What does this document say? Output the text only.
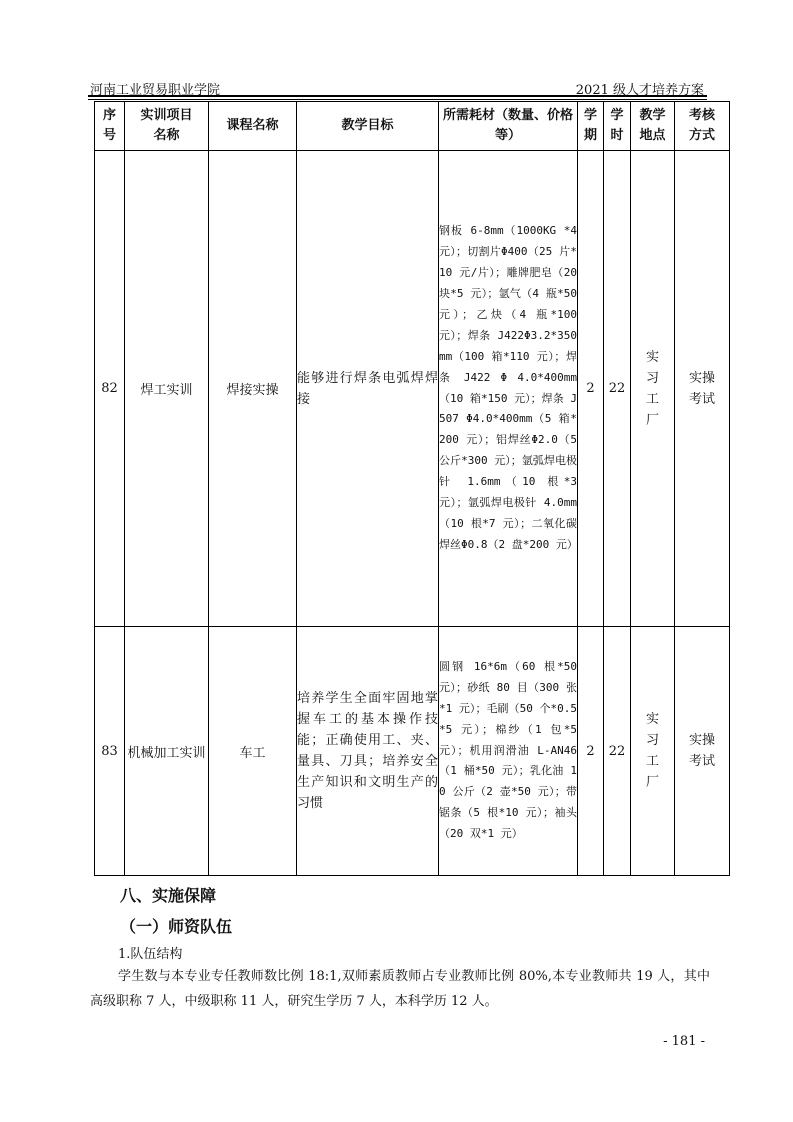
河南工业贸易职业学院	2021 级人才培养方案
序号	实训项目名称	课程名称	教学目标	所需耗材（数量、价格等）	学期	学时	教学地点	考核方式
82	焊工实训	焊接实操	能够进行焊条电弧焊焊接	钢板 6-8mm（1000KG *4 元）；切割片Φ400（25 片*10 元/片）；雕牌肥皂（20 块*5 元）；氩气（4 瓶*50 元）；乙炔（4 瓶*100 元）；焊条 J422Φ3.2*350mm（100 箱*110 元）；焊条 J422 Φ 4.0*400mm（10 箱*150 元）；焊条 J507 Φ4.0*400mm（5 箱*200 元）；铝焊丝Φ2.0（5 公斤*300 元）；氩弧焊电极针 1.6mm（10 根*3 元）；氩弧焊电极针 4.0mm（10 根*7 元）；二氧化碳焊丝Φ0.8（2 盘*200 元）	2	22	实习工厂	实操考试
83	机械加工实训	车工	培养学生全面牢固地掌握车工的基本操作技能；正确使用工、夹、量具、刀具；培养安全生产知识和文明生产的习惯	圆钢 16*6m（60 根*50 元）；砂纸 80 目（300 张*1 元）；毛刷（50 个*0.5 *5 元）；棉纱（1 包*5 元）；机用润滑油 L-AN46（1 桶*50 元）；乳化油 10 公斤（2 壶*50 元）；带锯条（5 根*10 元）；袖头（20 双*1 元）	2	22	实习工厂	实操考试
八、实施保障
（一）师资队伍
1.队伍结构
学生数与本专业专任教师数比例 18:1,双师素质教师占专业教师比例 80%,本专业教师共 19 人，其中高级职称 7 人，中级职称 11 人，研究生学历 7 人，本科学历 12 人。
- 181 -
